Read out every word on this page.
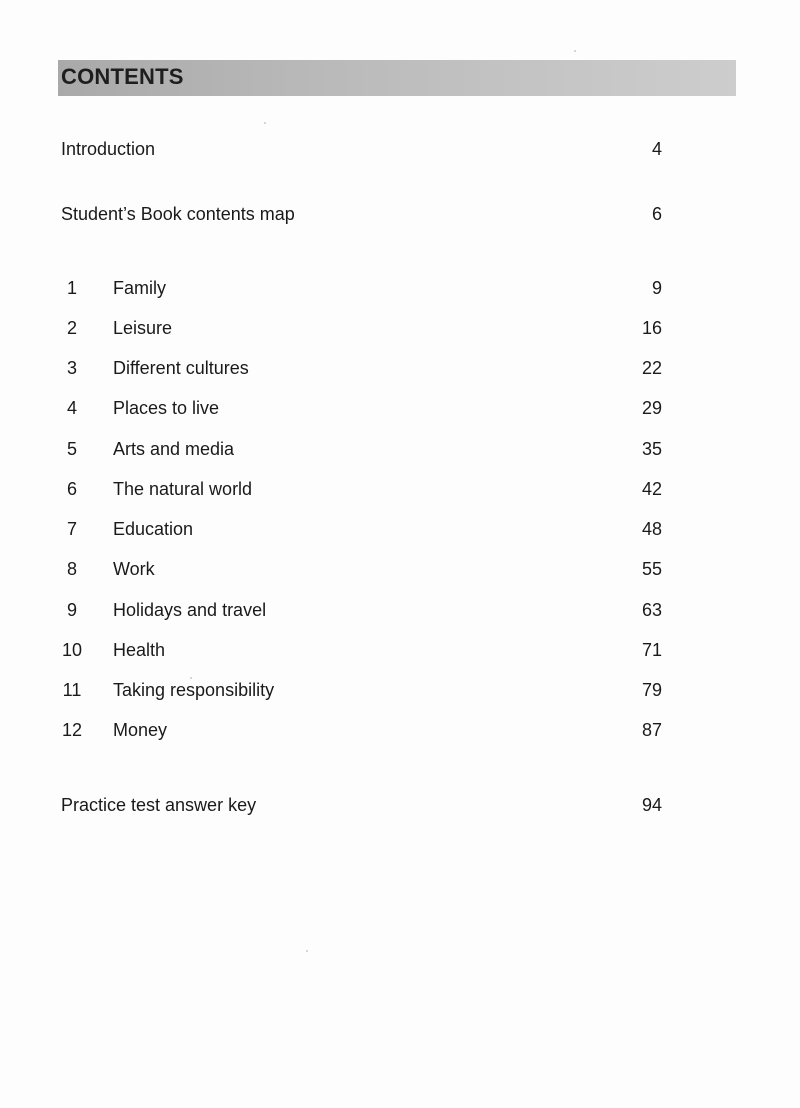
CONTENTS
Introduction	4
Student’s Book contents map	6
1	Family	9
2	Leisure	16
3	Different cultures	22
4	Places to live	29
5	Arts and media	35
6	The natural world	42
7	Education	48
8	Work	55
9	Holidays and travel	63
10 Health	71
11 Taking responsibility	79
12 Money	87
Practice test answer key	94
